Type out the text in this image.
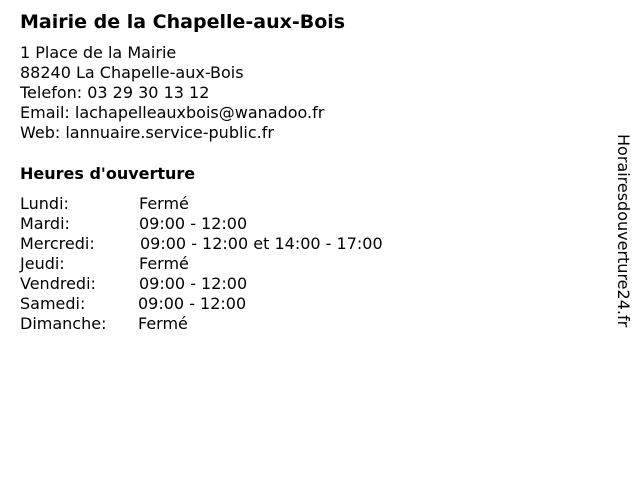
Mairie de la Chapelle-aux-Bois
1 Place de la Mairie
88240 La Chapelle-aux-Bois
Telefon: 03 29 30 13 12
Email: lachapelleauxbois@wanadoo.fr
Web: lannuaire.service-public.fr
Heures d'ouverture
Lundi:	Fermé
Mardi:	09:00 - 12:00
Mercredi:	09:00 - 12:00 et 14:00 - 17:00
Jeudi:	Fermé
Vendredi:	09:00 - 12:00
Samedi:	09:00 - 12:00
Dimanche: Fermé	Horairesdouverture24.fr
